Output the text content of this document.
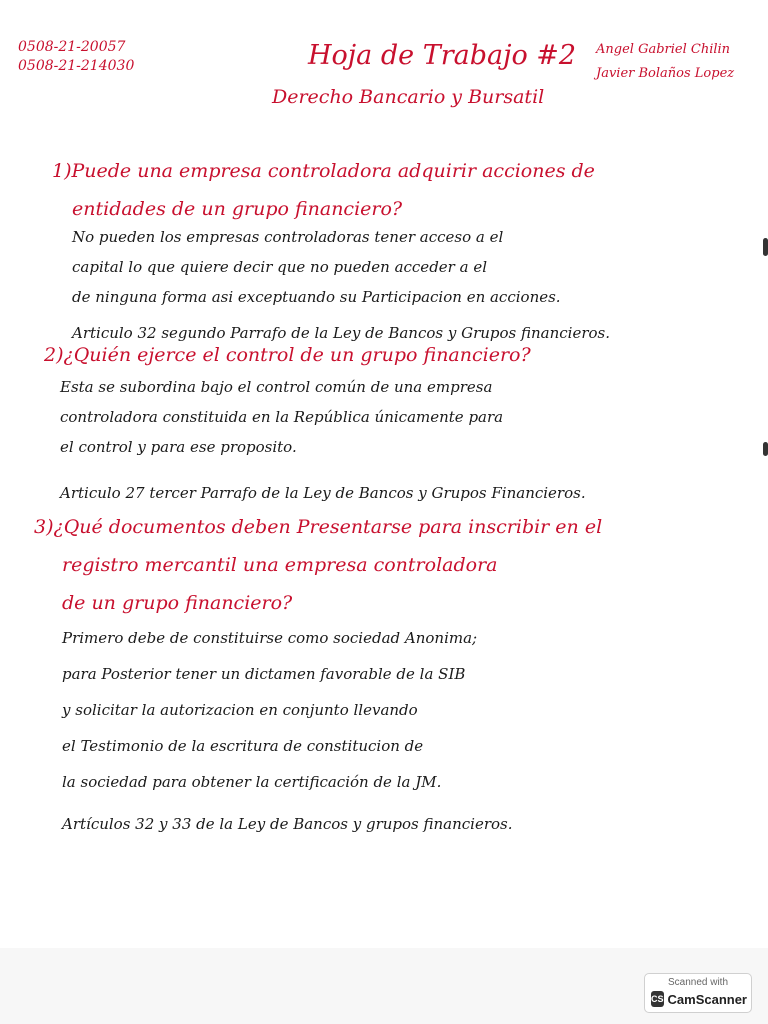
0508-21-20057
0508-21-214030	Hoja de Trabajo #2
Derecho Bancario y Bursatil
Angel Gabriel Chilin
Javier Bolaños Lopez
1)Puede una empresa controladora adquirir acciones de
entidades de un grupo financiero?
No pueden los empresas controladoras tener acceso a el
capital lo que quiere decir que no pueden acceder a el
de ninguna forma asi exceptuando su Participacion en acciones.
Articulo 32 segundo Parrafo de la Ley de Bancos y Grupos financieros.
2)¿Quién ejerce el control de un grupo financiero?
Esta se subordina bajo el control común de una empresa
controladora constituida en la República únicamente para
el control y para ese proposito.
Articulo 27 tercer Parrafo de la Ley de Bancos y Grupos Financieros.
3)¿Qué documentos deben Presentarse para inscribir en el
registro mercantil una empresa controladora
de un grupo financiero?
Primero debe de constituirse como sociedad Anonima;
para Posterior tener un dictamen favorable de la SIB
y solicitar la autorizacion en conjunto llevando
el Testimonio de la escritura de constitucion de
la sociedad para obtener la certificación de la JM.
Artículos 32 y 33 de la Ley de Bancos y grupos financieros.
Scanned with
CS CamScanner
